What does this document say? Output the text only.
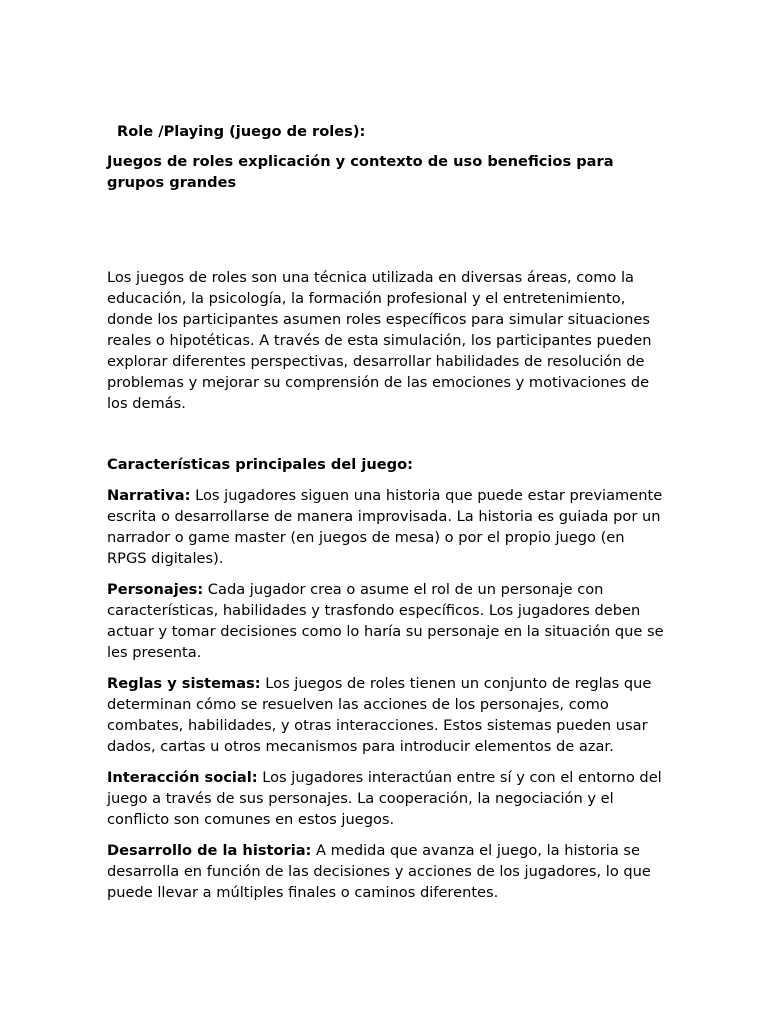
Role /Playing (juego de roles):

Juegos de roles explicación y contexto de uso beneficios para grupos grandes

Los juegos de roles son una técnica utilizada en diversas áreas, como la educación, la psicología, la formación profesional y el entretenimiento, donde los participantes asumen roles específicos para simular situaciones reales o hipotéticas. A través de esta simulación, los participantes pueden explorar diferentes perspectivas, desarrollar habilidades de resolución de problemas y mejorar su comprensión de las emociones y motivaciones de los demás.

Características principales del juego:

Narrativa: Los jugadores siguen una historia que puede estar previamente escrita o desarrollarse de manera improvisada. La historia es guiada por un narrador o game master (en juegos de mesa) o por el propio juego (en RPGS digitales).

Personajes: Cada jugador crea o asume el rol de un personaje con características, habilidades y trasfondo específicos. Los jugadores deben actuar y tomar decisiones como lo haría su personaje en la situación que se les presenta.

Reglas y sistemas: Los juegos de roles tienen un conjunto de reglas que determinan cómo se resuelven las acciones de los personajes, como combates, habilidades, y otras interacciones. Estos sistemas pueden usar dados, cartas u otros mecanismos para introducir elementos de azar.

Interacción social: Los jugadores interactúan entre sí y con el entorno del juego a través de sus personajes. La cooperación, la negociación y el conflicto son comunes en estos juegos.

Desarrollo de la historia: A medida que avanza el juego, la historia se desarrolla en función de las decisiones y acciones de los jugadores, lo que puede llevar a múltiples finales o caminos diferentes.
